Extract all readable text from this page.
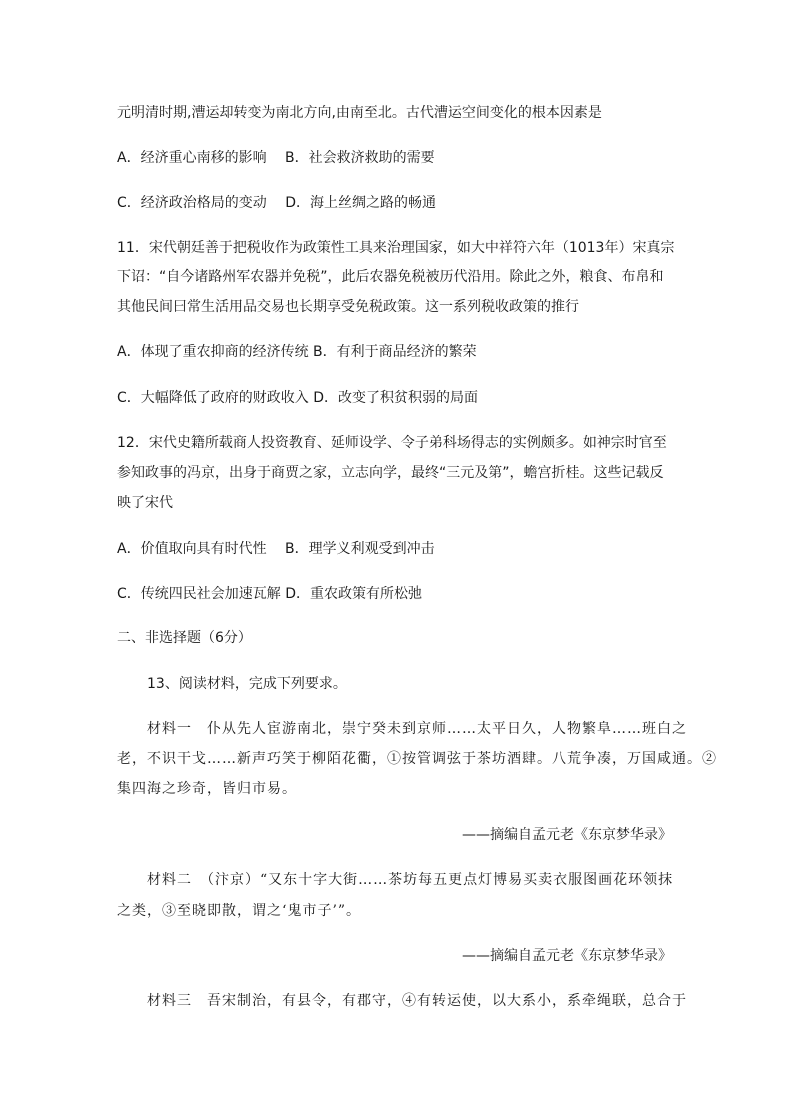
元明清时期,漕运却转变为南北方向,由南至北。古代漕运空间变化的根本因素是
A．经济重心南移的影响　 B．社会救济救助的需要
C．经济政治格局的变动　 D．海上丝绸之路的畅通
11．宋代朝廷善于把税收作为政策性工具来治理国家，如大中祥符六年（1013年）宋真宗
下诏：“自今诸路州军农器并免税”，此后农器免税被历代沿用。除此之外，粮食、布帛和
其他民间曰常生活用品交易也长期享受免税政策。这一系列税收政策的推行
A．体现了重农抑商的经济传统 B．有利于商品经济的繁荣
C．大幅降低了政府的财政收入 D．改变了积贫积弱的局面
12．宋代史籍所载商人投资教育、延师设学、令子弟科场得志的实例颇多。如神宗时官至
参知政事的冯京，出身于商贾之家，立志向学，最终“三元及第”，蟾宫折桂。这些记载反
映了宋代
A．价值取向具有时代性　 B．理学义利观受到冲击
C．传统四民社会加速瓦解 D．重农政策有所松弛
二、非选择题（6分）
13、阅读材料，完成下列要求。
材料一　仆从先人宦游南北，崇宁癸未到京师……太平日久，人物繁阜……班白之
老，不识干戈……新声巧笑于柳陌花衢，①按管调弦于茶坊酒肆。八荒争凑，万国咸通。②
集四海之珍奇，皆归市易。
——摘编自孟元老《东京梦华录》
材料二　（汴京）“又东十字大街……茶坊每五更点灯博易买卖衣服图画花环领抹
之类，③至晓即散，谓之‘鬼市子’”。
——摘编自孟元老《东京梦华录》
材料三　吾宋制治，有县令，有郡守，④有转运使，以大系小，系牵绳联，总合于
